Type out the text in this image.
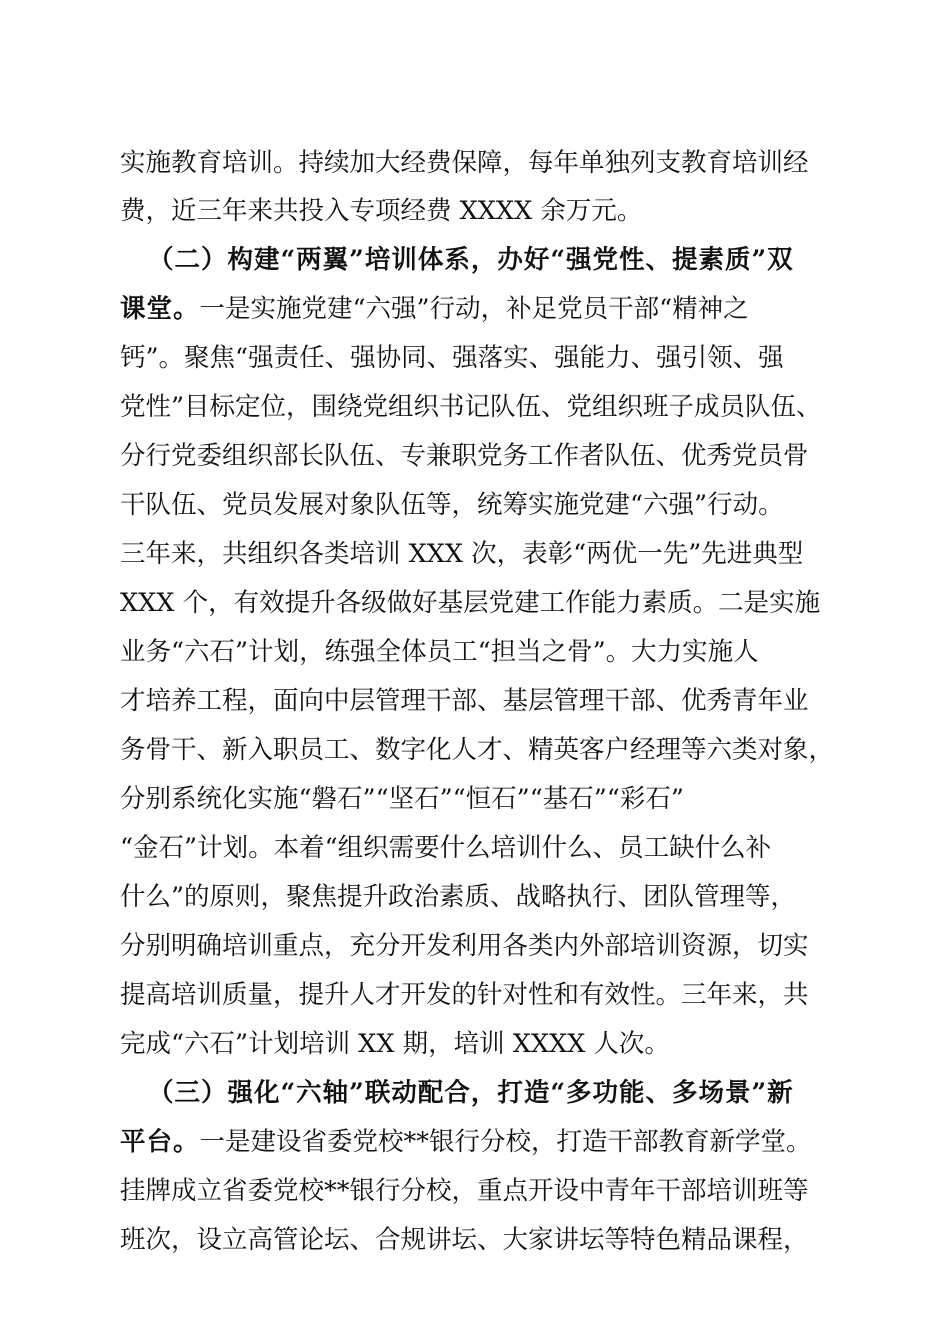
实施教育培训。持续加大经费保障，每年单独列支教育培训经
费，近三年来共投入专项经费 XXXX 余万元。
（二）构建“两翼”培训体系，办好“强党性、提素质”双
课堂。一是实施党建“六强”行动，补足党员干部“精神之
钙”。聚焦“强责任、强协同、强落实、强能力、强引领、强
党性”目标定位，围绕党组织书记队伍、党组织班子成员队伍、
分行党委组织部长队伍、专兼职党务工作者队伍、优秀党员骨
干队伍、党员发展对象队伍等，统筹实施党建“六强”行动。
三年来，共组织各类培训 XXX 次，表彰“两优一先”先进典型
XXX 个，有效提升各级做好基层党建工作能力素质。二是实施
业务“六石”计划，练强全体员工“担当之骨”。大力实施人
才培养工程，面向中层管理干部、基层管理干部、优秀青年业
务骨干、新入职员工、数字化人才、精英客户经理等六类对象，
分别系统化实施“磐石”“坚石”“恒石”“基石”“彩石”
“金石”计划。本着“组织需要什么培训什么、员工缺什么补
什么”的原则，聚焦提升政治素质、战略执行、团队管理等，
分别明确培训重点，充分开发利用各类内外部培训资源，切实
提高培训质量，提升人才开发的针对性和有效性。三年来，共
完成“六石”计划培训 XX 期，培训 XXXX 人次。
（三）强化“六轴”联动配合，打造“多功能、多场景”新
平台。一是建设省委党校**银行分校，打造干部教育新学堂。
挂牌成立省委党校**银行分校，重点开设中青年干部培训班等
班次，设立高管论坛、合规讲坛、大家讲坛等特色精品课程，
